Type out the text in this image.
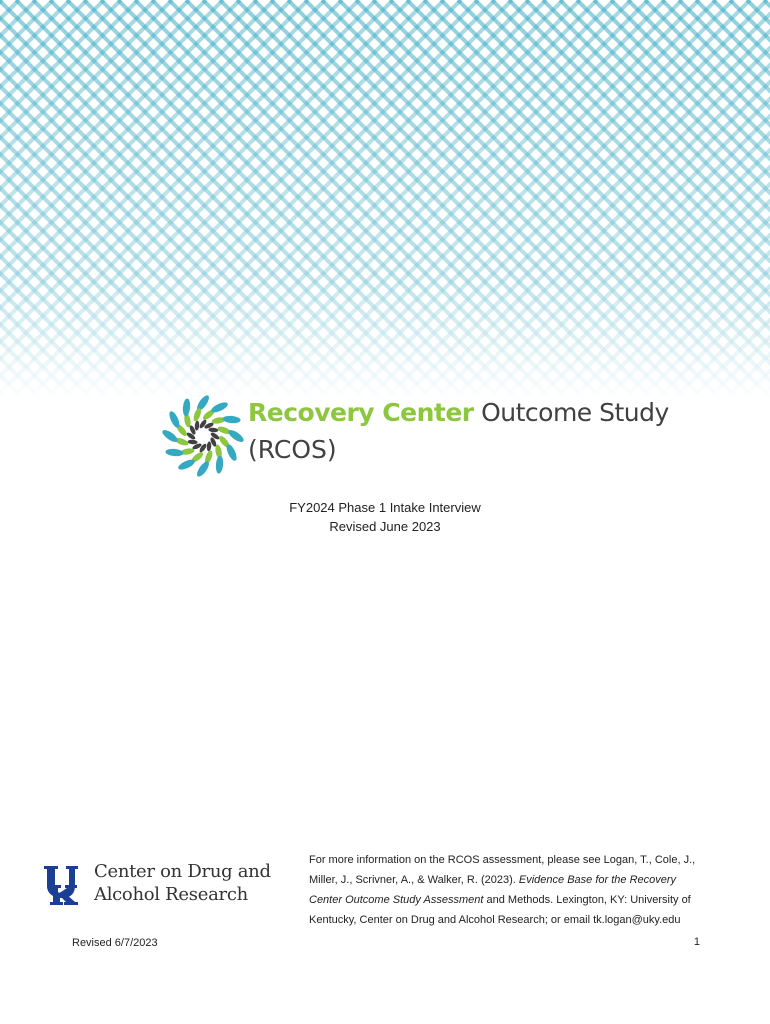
Recovery Center Outcome Study
(RCOS)
FY2024 Phase 1 Intake Interview
Revised June 2023
Center on Drug and
Alcohol Research
For more information on the RCOS assessment, please see Logan, T., Cole, J., Miller, J., Scrivner, A., & Walker, R. (2023). Evidence Base for the Recovery Center Outcome Study Assessment and Methods. Lexington, KY: University of Kentucky, Center on Drug and Alcohol Research; or email tk.logan@uky.edu
Revised 6/7/2023	1
